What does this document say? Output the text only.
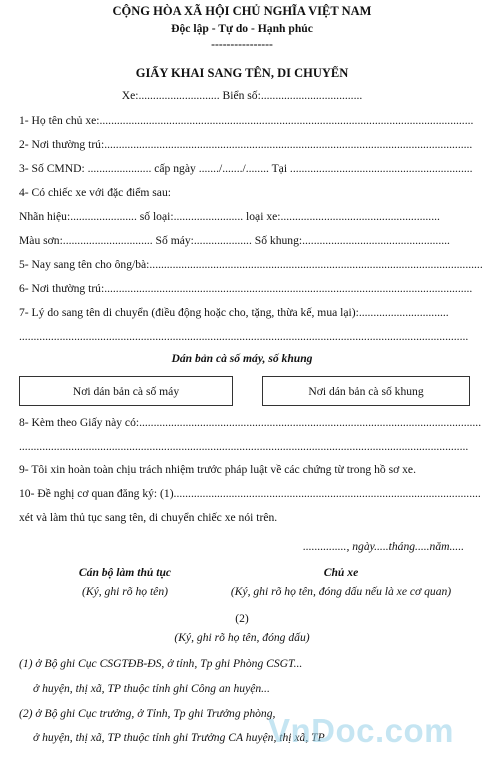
CỘNG HÒA XÃ HỘI CHỦ NGHĨA VIỆT NAM
Độc lập - Tự do - Hạnh phúc
----------------
GIẤY KHAI SANG TÊN, DI CHUYỂN
Xe:............................ Biển số:...................................
1- Họ tên chủ xe:.................................................................................................................................
2- Nơi thường trú:...............................................................................................................................
3- Số CMND: ...................... cấp ngày ......./......./........ Tại ...............................................................
4- Có chiếc xe với đặc điểm sau:
Nhãn hiệu:....................... số loại:........................ loại xe:.......................................................
Màu sơn:............................... Số máy:.................... Số khung:...................................................
5- Nay sang tên cho ông/bà:...................................................................................................................
6- Nơi thường trú:...............................................................................................................................
7- Lý do sang tên di chuyển (điều động hoặc cho, tặng, thừa kế, mua lại):...............................
...........................................................................................................................................................
Dán bản cà số máy, số khung
Nơi dán bản cà số máy	Nơi dán bản cà số khung
8- Kèm theo Giấy này có:......................................................................................................................
...........................................................................................................................................................
9- Tôi xin hoàn toàn chịu trách nhiệm trước pháp luật về các chứng từ trong hồ sơ xe.
10- Đề nghị cơ quan đăng ký: (1)..........................................................................................................
xét và làm thủ tục sang tên, di chuyển chiếc xe nói trên.
..............., ngày.....tháng.....năm.....
Cán bộ làm thủ tục
(Ký, ghi rõ họ tên)
Chủ xe
(Ký, ghi rõ họ tên, đóng dấu nếu là xe cơ quan)
(2)
(Ký, ghi rõ họ tên, đóng dấu)
(1) ở Bộ ghi Cục CSGTĐB-ĐS, ở tỉnh, Tp ghi Phòng CSGT...
ở huyện, thị xã, TP thuộc tỉnh ghi Công an huyện...
(2) ở Bộ ghi Cục trưởng, ở Tỉnh, Tp ghi Trưởng phòng,
ở huyện, thị xã, TP thuộc tỉnh ghi Trưởng CA huyện, thị xã, TP
VnDoc.com
